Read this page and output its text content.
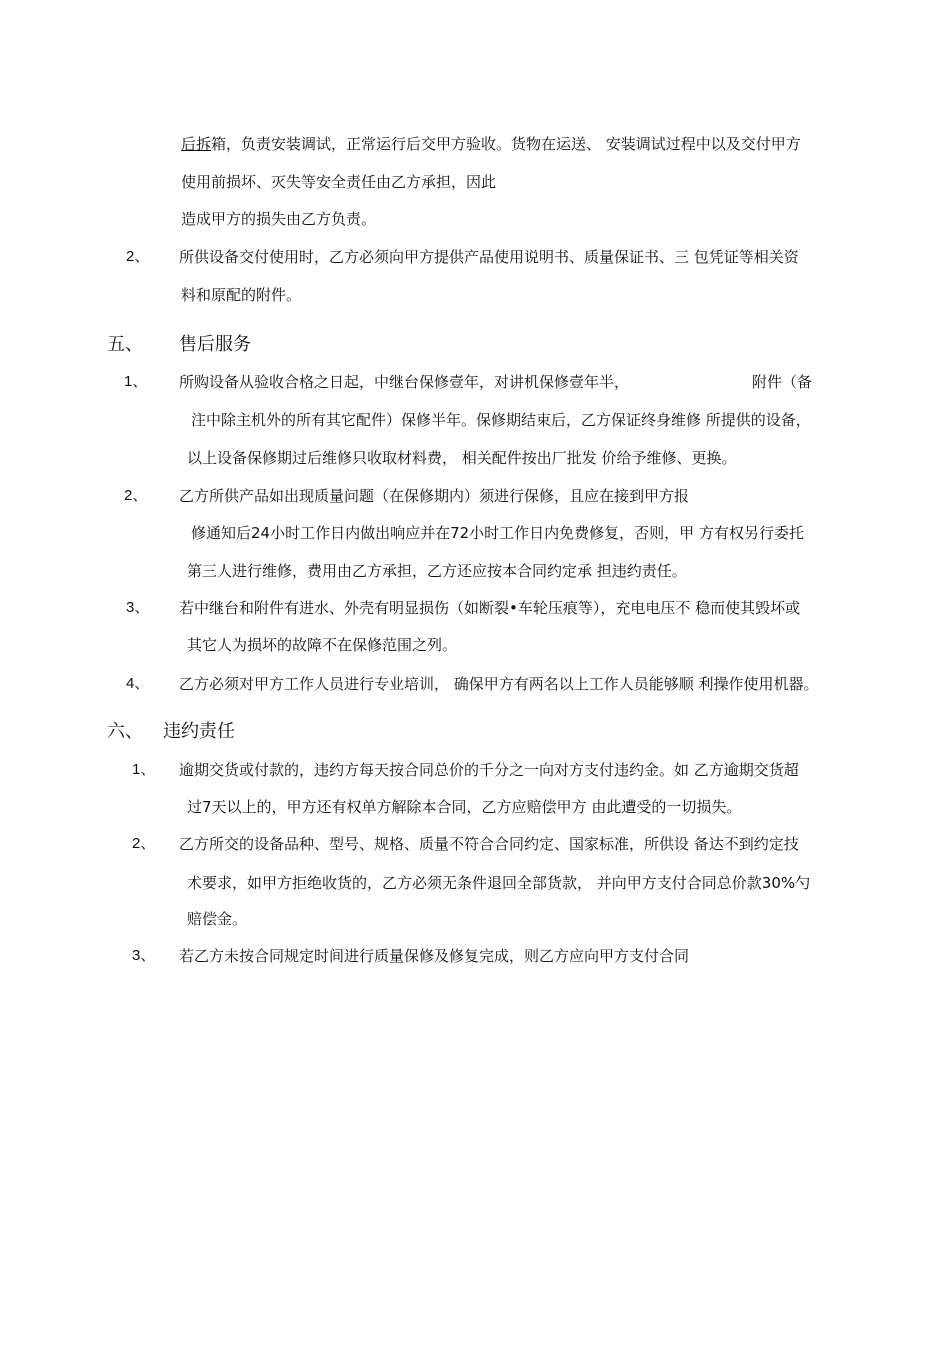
后拆箱，负责安装调试，正常运行后交甲方验收。货物在运送、 安装调试过程中以及交付甲方
使用前损坏、灭失等安全责任由乙方承担，因此
造成甲方的损失由乙方负责。
2、 所供设备交付使用时，乙方必须向甲方提供产品使用说明书、质量保证书、三 包凭证等相关资
料和原配的附件。
五、 售后服务
1、 所购设备从验收合格之日起，中继台保修壹年，对讲机保修壹年半，	附件（备
注中除主机外的所有其它配件）保修半年。保修期结束后，乙方保证终身维修 所提供的设备，
以上设备保修期过后维修只收取材料费， 相关配件按出厂批发 价给予维修、更换。
2、 乙方所供产品如出现质量问题（在保修期内）须进行保修，且应在接到甲方报
修通知后24小时工作日内做出响应并在72小时工作日内免费修复，否则，甲 方有权另行委托
第三人进行维修，费用由乙方承担，乙方还应按本合同约定承 担违约责任。
3、 若中继台和附件有进水、外壳有明显损伤（如断裂•车轮压痕等），充电电压不 稳而使其毁坏或
其它人为损坏的故障不在保修范围之列。
4、 乙方必须对甲方工作人员进行专业培训， 确保甲方有两名以上工作人员能够顺 利操作使用机器。
六、 违约责任
1、 逾期交货或付款的，违约方每天按合同总价的千分之一向对方支付违约金。如 乙方逾期交货超
过7天以上的，甲方还有权单方解除本合同，乙方应赔偿甲方 由此遭受的一切损失。
2、 乙方所交的设备品种、型号、规格、质量不符合合同约定、国家标准，所供设 备达不到约定技
术要求，如甲方拒绝收货的，乙方必须无条件退回全部货款， 并向甲方支付合同总价款30%勺
赔偿金。
3、 若乙方未按合同规定时间进行质量保修及修复完成，则乙方应向甲方支付合同
